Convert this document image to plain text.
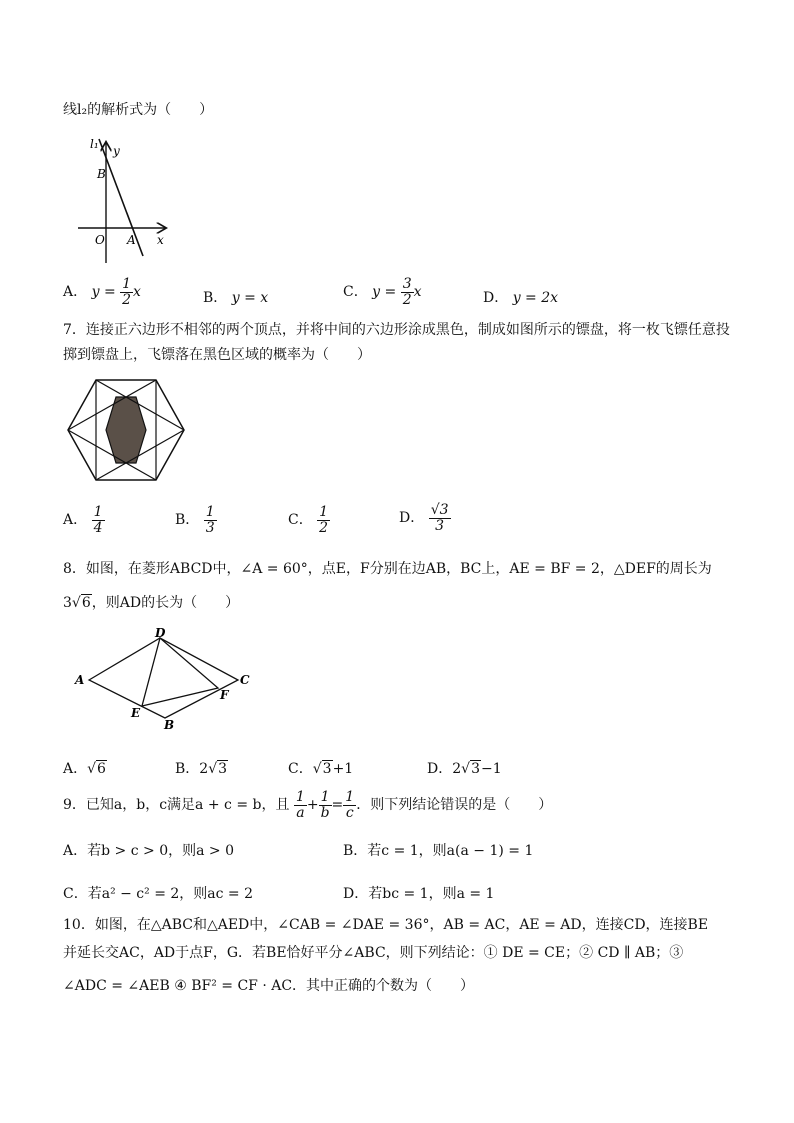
线l₂的解析式为（　　）
l₁ y
B
O A x
A． $y = \frac{1}{2}$ x	B． y = x	C． $y = \frac{3}{2}$ x	D． y = 2x
7．连接正六边形不相邻的两个顶点，并将中间的六边形涂成黑色，制成如图所示的镖盘，将一枚飞镖任意投
掷到镖盘上，飞镖落在黑色区域的概率为（　　）
A． $\frac{1}{4}$	B． $\frac{1}{3}$	C． $\frac{1}{2}$	D． $\frac{√3}{3}$
8．如图，在菱形ABCD中，∠A = 60°，点E，F分别在边AB，BC上，AE = BF = 2，△DEF的周长为
3√6，则AD的长为（　　）
A
D
C
F
E
B
A．√6	B．2√3	C．√3+1	D．2√3−1
9．已知a，b，c满足a + c = b，且 $\frac{1}{a} + \frac{1}{b} = \frac{1}{c}$ ．则下列结论错误的是（　　）
A．若b > c > 0，则a > 0	B．若c = 1，则a(a − 1) = 1
C．若a² − c² = 2，则ac = 2	D．若bc = 1，则a = 1
10．如图，在△ABC和△AED中，∠CAB = ∠DAE = 36°，AB = AC，AE = AD，连接CD，连接BE
并延长交AC，AD于点F，G．若BE恰好平分∠ABC，则下列结论：① DE = CE；② CD ∥ AB；③
∠ADC = ∠AEB ④ BF² = CF · AC．其中正确的个数为（　　）
